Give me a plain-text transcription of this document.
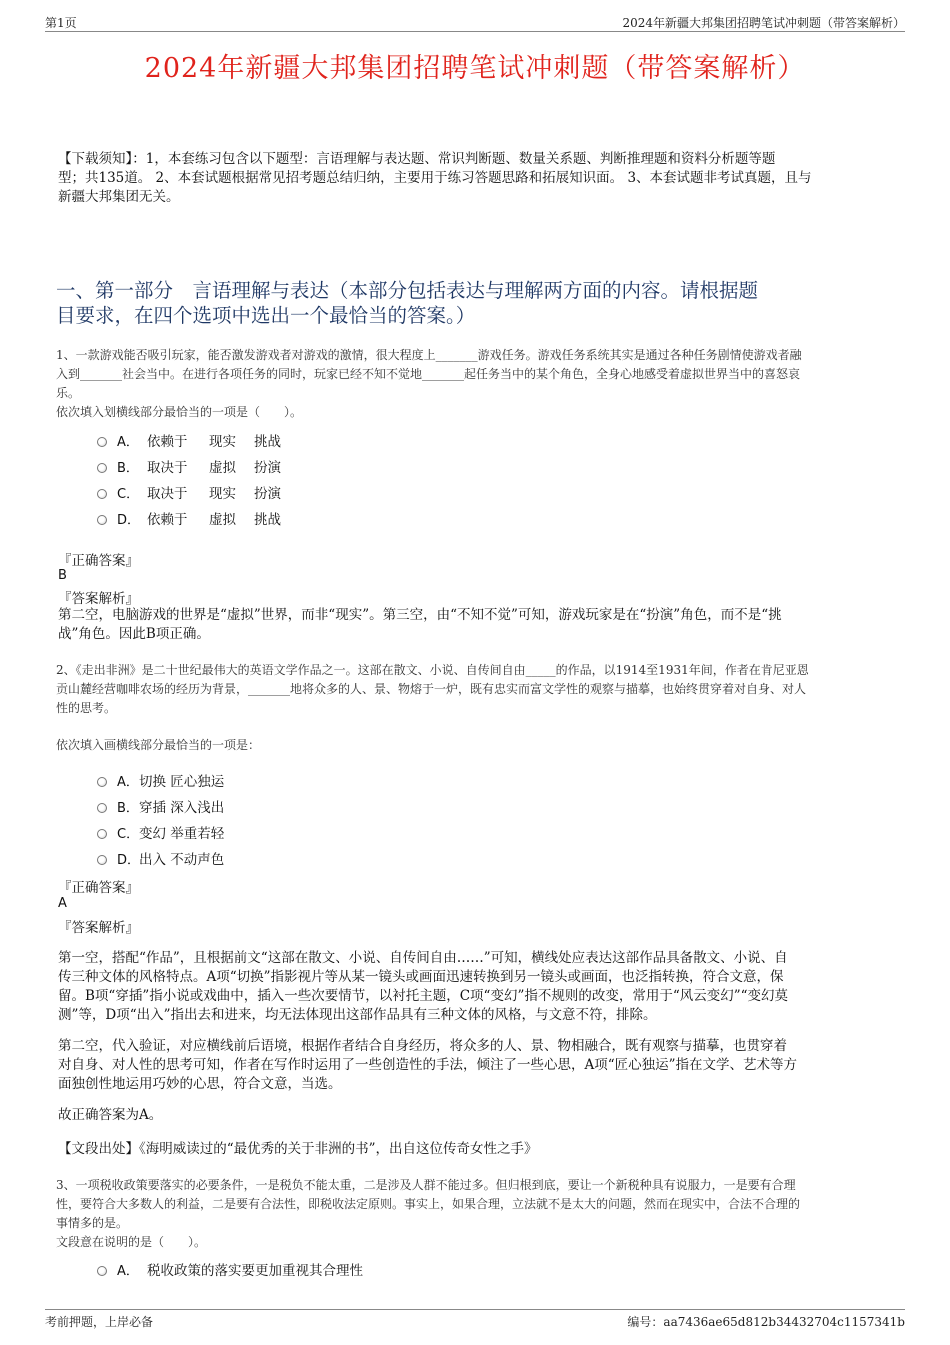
第1页	2024年新疆大邦集团招聘笔试冲刺题（带答案解析）
2024年新疆大邦集团招聘笔试冲刺题（带答案解析）
【下载须知】：1，本套练习包含以下题型：言语理解与表达题、常识判断题、数量关系题、判断推理题和资料分析题等题
型；共135道。 2、本套试题根据常见招考题总结归纳，主要用于练习答题思路和拓展知识面。 3、本套试题非考试真题，且与
新疆大邦集团无关。
一、第一部分　言语理解与表达（本部分包括表达与理解两方面的内容。请根据题
目要求，在四个选项中选出一个最恰当的答案。）
1、一款游戏能否吸引玩家，能否激发游戏者对游戏的激情，很大程度上_______游戏任务。游戏任务系统其实是通过各种任务剧情使游戏者融
入到_______社会当中。在进行各项任务的同时，玩家已经不知不觉地_______起任务当中的某个角色，全身心地感受着虚拟世界当中的喜怒哀
乐。
依次填入划横线部分最恰当的一项是（　　）。
A． 依赖于	现实	挑战
B． 取决于	虚拟	扮演
C． 取决于	现实	扮演
D． 依赖于	虚拟	挑战
『正确答案』
B
『答案解析』
第二空，电脑游戏的世界是“虚拟”世界，而非“现实”。第三空，由“不知不觉”可知，游戏玩家是在“扮演”角色，而不是“挑
战”角色。因此B项正确。
2、《走出非洲》是二十世纪最伟大的英语文学作品之一。这部在散文、小说、自传间自由_____的作品，以1914至1931年间，作者在肯尼亚恩
贡山麓经营咖啡农场的经历为背景，_______地将众多的人、景、物熔于一炉，既有忠实而富文学性的观察与描摹，也始终贯穿着对自身、对人
性的思考。
依次填入画横线部分最恰当的一项是：
A． 切换 匠心独运
B． 穿插 深入浅出
C． 变幻 举重若轻
D．
出入 不动声色
『正确答案』
A
『答案解析』
第一空，搭配“作品”，且根据前文“这部在散文、小说、自传间自由……”可知，横线处应表达这部作品具备散文、小说、自
传三种文体的风格特点。A项“切换”指影视片等从某一镜头或画面迅速转换到另一镜头或画面，也泛指转换，符合文意，保
留。B项“穿插”指小说或戏曲中，插入一些次要情节，以衬托主题，C项“变幻”指不规则的改变，常用于“风云变幻”“变幻莫
测”等，D项“出入”指出去和进来，均无法体现出这部作品具有三种文体的风格，与文意不符，排除。
第二空，代入验证，对应横线前后语境，根据作者结合自身经历，将众多的人、景、物相融合，既有观察与描摹，也贯穿着
对自身、对人性的思考可知，作者在写作时运用了一些创造性的手法，倾注了一些心思，A项“匠心独运”指在文学、艺术等方
面独创性地运用巧妙的心思，符合文意，当选。
故正确答案为A。
【文段出处】《海明威读过的“最优秀的关于非洲的书”，出自这位传奇女性之手》
3、一项税收政策要落实的必要条件，一是税负不能太重，二是涉及人群不能过多。但归根到底，要让一个新税种具有说服力，一是要有合理
性，要符合大多数人的利益，二是要有合法性，即税收法定原则。事实上，如果合理，立法就不是太大的问题，然而在现实中，合法不合理的
事情多的是。
文段意在说明的是（　　）。
A． 税收政策的落实要更加重视其合理性
考前押题，上岸必备	编号：aa7436ae65d812b34432704c1157341b
